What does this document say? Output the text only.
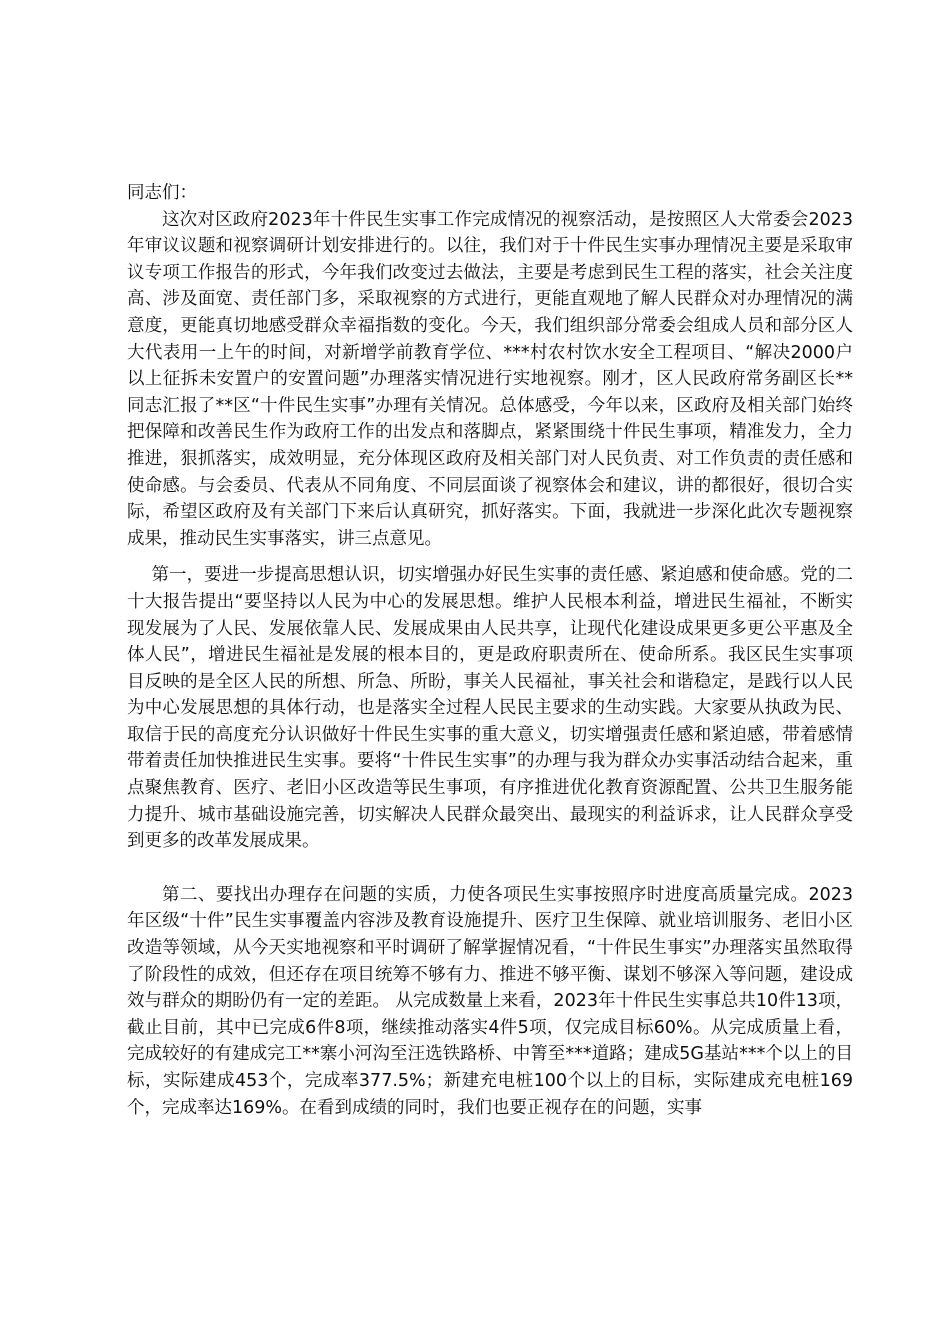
同志们：

这次对区政府2023年十件民生实事工作完成情况的视察活动，是按照区人大常委会2023年审议议题和视察调研计划安排进行的。以往，我们对于十件民生实事办理情况主要是采取审议专项工作报告的形式，今年我们改变过去做法，主要是考虑到民生工程的落实，社会关注度高、涉及面宽、责任部门多，采取视察的方式进行，更能直观地了解人民群众对办理情况的满意度，更能真切地感受群众幸福指数的变化。今天，我们组织部分常委会组成人员和部分区人大代表用一上午的时间，对新增学前教育学位、***村农村饮水安全工程项目、“解决2000户以上征拆未安置户的安置问题”办理落实情况进行实地视察。刚才，区人民政府常务副区长**同志汇报了**区“十件民生实事”办理有关情况。总体感受，今年以来，区政府及相关部门始终把保障和改善民生作为政府工作的出发点和落脚点，紧紧围绕十件民生事项，精准发力，全力推进，狠抓落实，成效明显，充分体现区政府及相关部门对人民负责、对工作负责的责任感和使命感。与会委员、代表从不同角度、不同层面谈了视察体会和建议，讲的都很好，很切合实际，希望区政府及有关部门下来后认真研究，抓好落实。下面，我就进一步深化此次专题视察成果，推动民生实事落实，讲三点意见。

第一，要进一步提高思想认识，切实增强办好民生实事的责任感、紧迫感和使命感。党的二十大报告提出“要坚持以人民为中心的发展思想。维护人民根本利益，增进民生福祉，不断实现发展为了人民、发展依靠人民、发展成果由人民共享，让现代化建设成果更多更公平惠及全体人民”，增进民生福祉是发展的根本目的，更是政府职责所在、使命所系。我区民生实事项目反映的是全区人民的所想、所急、所盼，事关人民福祉，事关社会和谐稳定，是践行以人民为中心发展思想的具体行动，也是落实全过程人民民主要求的生动实践。大家要从执政为民、取信于民的高度充分认识做好十件民生实事的重大意义，切实增强责任感和紧迫感，带着感情带着责任加快推进民生实事。要将“十件民生实事”的办理与我为群众办实事活动结合起来，重点聚焦教育、医疗、老旧小区改造等民生事项，有序推进优化教育资源配置、公共卫生服务能力提升、城市基础设施完善，切实解决人民群众最突出、最现实的利益诉求，让人民群众享受到更多的改革发展成果。

第二、要找出办理存在问题的实质，力使各项民生实事按照序时进度高质量完成。2023年区级“十件”民生实事覆盖内容涉及教育设施提升、医疗卫生保障、就业培训服务、老旧小区改造等领域，从今天实地视察和平时调研了解掌握情况看，“十件民生事实”办理落实虽然取得了阶段性的成效，但还存在项目统筹不够有力、推进不够平衡、谋划不够深入等问题，建设成效与群众的期盼仍有一定的差距。 从完成数量上来看，2023年十件民生实事总共10件13项，截止目前，其中已完成6件8项，继续推动落实4件5项，仅完成目标60%。从完成质量上看，完成较好的有建成完工**寨小河沟至汪选铁路桥、中箐至***道路；建成5G基站***个以上的目标，实际建成453个，完成率377.5%；新建充电桩100个以上的目标，实际建成充电桩169个，完成率达169%。在看到成绩的同时，我们也要正视存在的问题，实事
